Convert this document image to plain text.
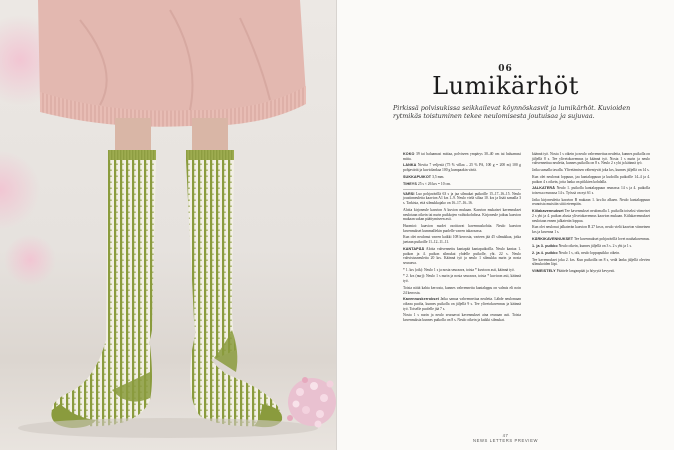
06
Lumikärhöt
Pirkissä polvisukissa seikkailevat köynnöskasvit ja lumikärhöt. Kuvioiden rytmikäs toistuminen tekee neulomisesta joutuisaa ja sujuvaa.

KOKO 39 tai haluamasi mittaa, polviseen ympärys 30–40 cm tai haluamasi mitta.

LANKA Novita 7 veljestä (75 % villaa – 25 % PA, 100 g = 200 m) 100 g pohjaväriä ja kuviolankaa 100 g kumpaakin väriä.

SUKKAPUIKOT 3,5 mm.

TIHEYS 25 s × 26 krs = 10 cm.

VARSI Luo pohjavärillä 63 s ja jaa silmukat puikoille 15–17–16–15. Neulo joustinneuletta kaavion A1 krs 1–9. Neulo vielä siliaa 10. krs ja lisää samalla 3 s. Tarkista, että silmukkajako on 16–17–16–16.

Aloita kirjoneule kaavion A kuvion mukaan. Kaavion mukaiset kavennukset neulotaan oikein tai nurin puikkojen vaihtokohdissa. Kirjoneule jatkuu kaavion mukaan sukan päättymiseen asti.

Huomioi: kaavion nuolet osoittavat kavennuskohtia. Neulo kaavion kavennukset kummallekin puolelle varren takaosassa.

Kun olet neulonut varren kaikki 108 kerrosta, varteen jää 45 silmukkaa, jotka jaetaan puikoille 11–12–11–11.

KANTAPÄÄ Aloita vahvennettu kantapää kantapuikoilla. Neulo kantaa 1. puikon ja 4. puikon silmukat yhdelle puikolle, yht. 22 s. Neulo vahvistusneuletta 20 krs. Käännä työ ja neulo 1 silmukka nurin ja nosta seuraava.

* 1. krs (oik): Neulo 1 s ja nosta seuraava, toista * kuvioon asti, käännä työ.

* 2. krs (nurj): Neulo 1 s nurin ja nosta seuraava, toista * kuvioon asti, käännä työ.

Toista näitä kahta kerrosta, kunnes vahvennettu kantalappu on valmis eli noin 24 kerrosta.

Kavennuskerrokset Jatka samaa vahvennettua neuletta. Lähde neulomaan oikeaa puolta, kunnes puikolla on jäljellä 9 s. Tee ylivetokavennus ja käännä työ. Toiselle puolelle jää 7 s.

Nosta 1 s nurin ja neulo seuraavat kavennukset aina reunaan asti. Toista kavennuksia kunnes puikolla on 8 s. Neulo oikein ja kaikki silmukat.

käännä työ. Nosta 1 s oikein ja neulo vahvennettua neuletta, kunnes puikolla on jäljellä 8 s. Tee ylivetokavennus ja käännä työ. Nosta 1 s nurin ja neulo vahvennettua neuletta, kunnes puikolla on 8 s. Neulo 2 s yht ja käännä työ.

Jatka samalla tavalla. Ylivetämisen vähentyvät joka krs, kunnes jäljellä on 14 s.

Kun olet neulonut loppuun, jaa kantalappuun ja kudoilla puikoille 14–4 ja 4. puikon 4 s oikein, jotta lanka on piikkien kohdalla.

JALKATERÄ Neulo 1. puikolla kantalappuun reunassa 14 s ja 4. puikolla toisessa reunassa 14 s. Työssä on nyt 61 s.

Jatka kirjoneuletta kaavion B mukaan 1. krs:lta alkaen. Neulo kantalappuun reunoista muistiin siitä eteenpäin.

Kiilakavennukset Tee kavennukset neulomalla 1. puikolla toiseksi viimeiset 2 s yht ja 4. puikon alusta ylivetokavennus kaavion mukaan. Kiilakavennukset neulotaan ennen jalkaterän loppua.

Kun olet neulonut jalkaterän kaavion B 27 krs:n, neulo vielä kaavion viimeinen krs ja kavenna 1 s.

KÄRKIKAVENNUKSET Tee kavennukset pohjavärillä lovet nauhakavennus.

1. ja 3. puikko Neulo oikein, kunnes jäljellä on 3 s. 2 s yht ja 1 s.

2. ja 4. puikko Neulo 1 s, oik, neulo loppupuikko oikein.

Tee kavennukset joka 2. krs. Kun puikoilla on 8 s, vedä lanka jäljellä olevien silmukoiden läpi.

VIIMEISTELY Päättele langanpäät ja höyrytä kevyesti.

47
NEWS LETTERS PREVIEW
